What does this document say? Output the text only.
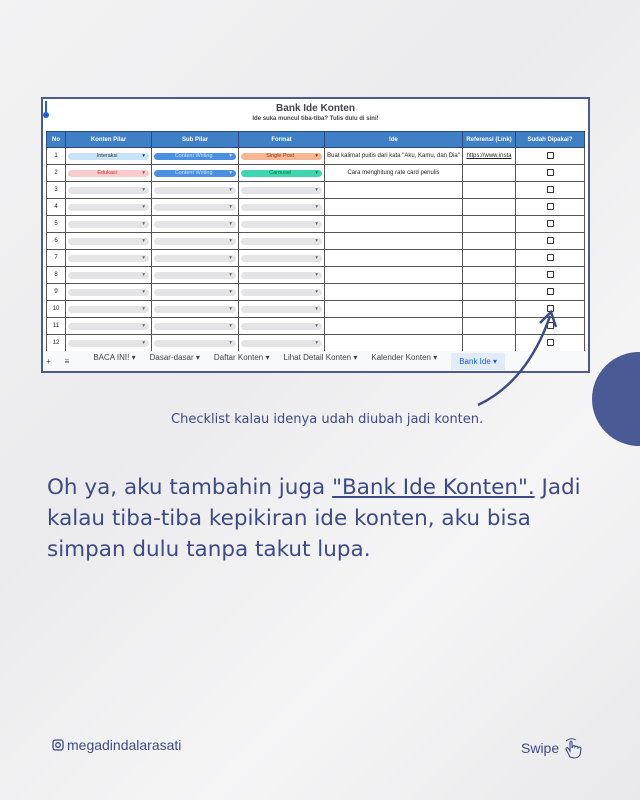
Bank Ide Konten
Ide suka muncul tiba-tiba? Tulis dulu di sini!
No	Konten Pilar	Sub Pilar	Format	Ide	Referensi (Link)	Sudah Dipakai?
1	Interaksi ▾	Content Writing ▾	Single Post ▾	Buat kalimat puitis dari kata "Aku, Kamu, dan Dia"	https://www.insta	
2	Edukasi ▾	Content Writing ▾	Carousel ▾	Cara menghitung rate card penulis		
3	▾	▾	▾			

4	▾	▾	▾			

5	▾	▾	▾			

6	▾	▾	▾			

7	▾	▾	▾			

8	▾	▾	▾			

9	▾	▾	▾			

10	▾	▾	▾			

11	▾	▾	▾			

12	▾	▾	▾			

+ ≡	BACA INI! ▾ Dasar-dasar ▾ Daftar Konten ▾ Lihat Detail Konten ▾ Kalender Konten ▾	Bank Ide ▾
Checklist kalau idenya udah diubah jadi konten.
Oh ya, aku tambahin juga "Bank Ide Konten". Jadi kalau tiba-tiba kepikiran ide konten, aku bisa simpan dulu tanpa takut lupa.
megadindalarasati	Swipe
